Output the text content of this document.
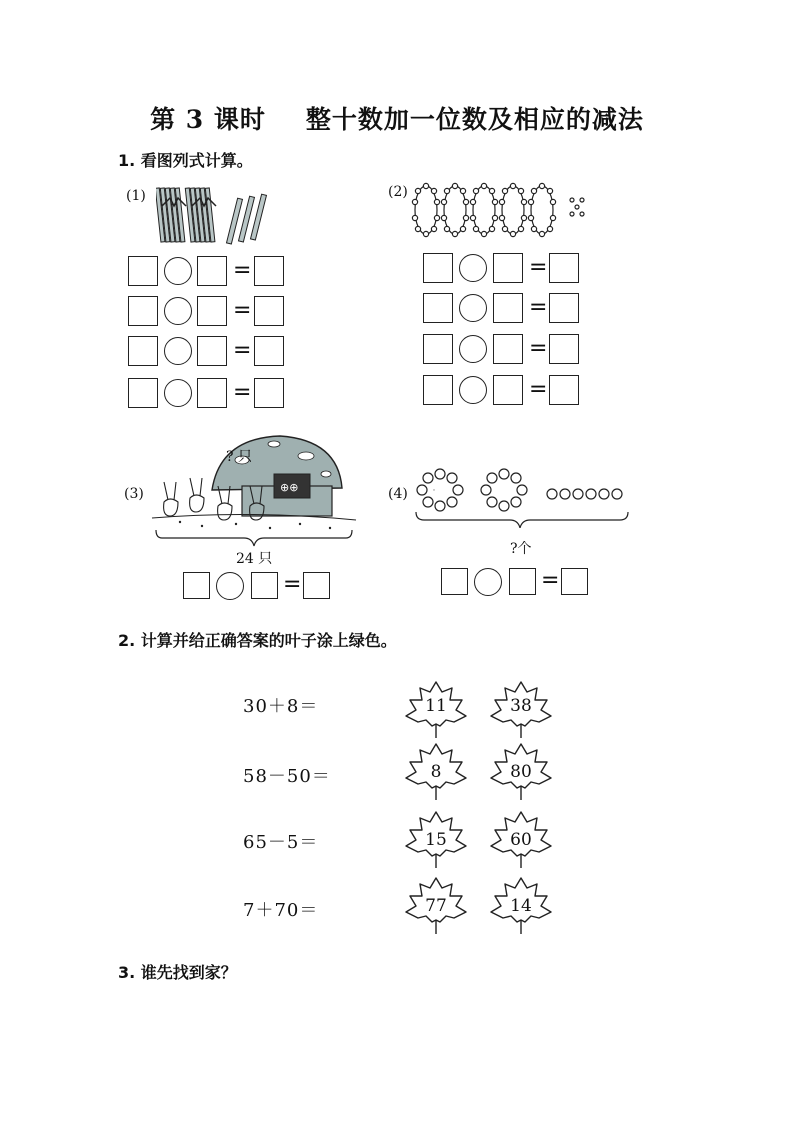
第 3 课时 整十数加一位数及相应的减法
1. 看图列式计算。
(1)
=
=
=
=
(2)
=
=
=
=
(3)	⊕⊕
? 只
24 只
=
(4)
?个
=
2. 计算并给正确答案的叶子涂上绿色。
30＋8＝	11	38
58－50＝	8	80
65－5＝	15	60
7＋70＝	77	14
3. 谁先找到家？
